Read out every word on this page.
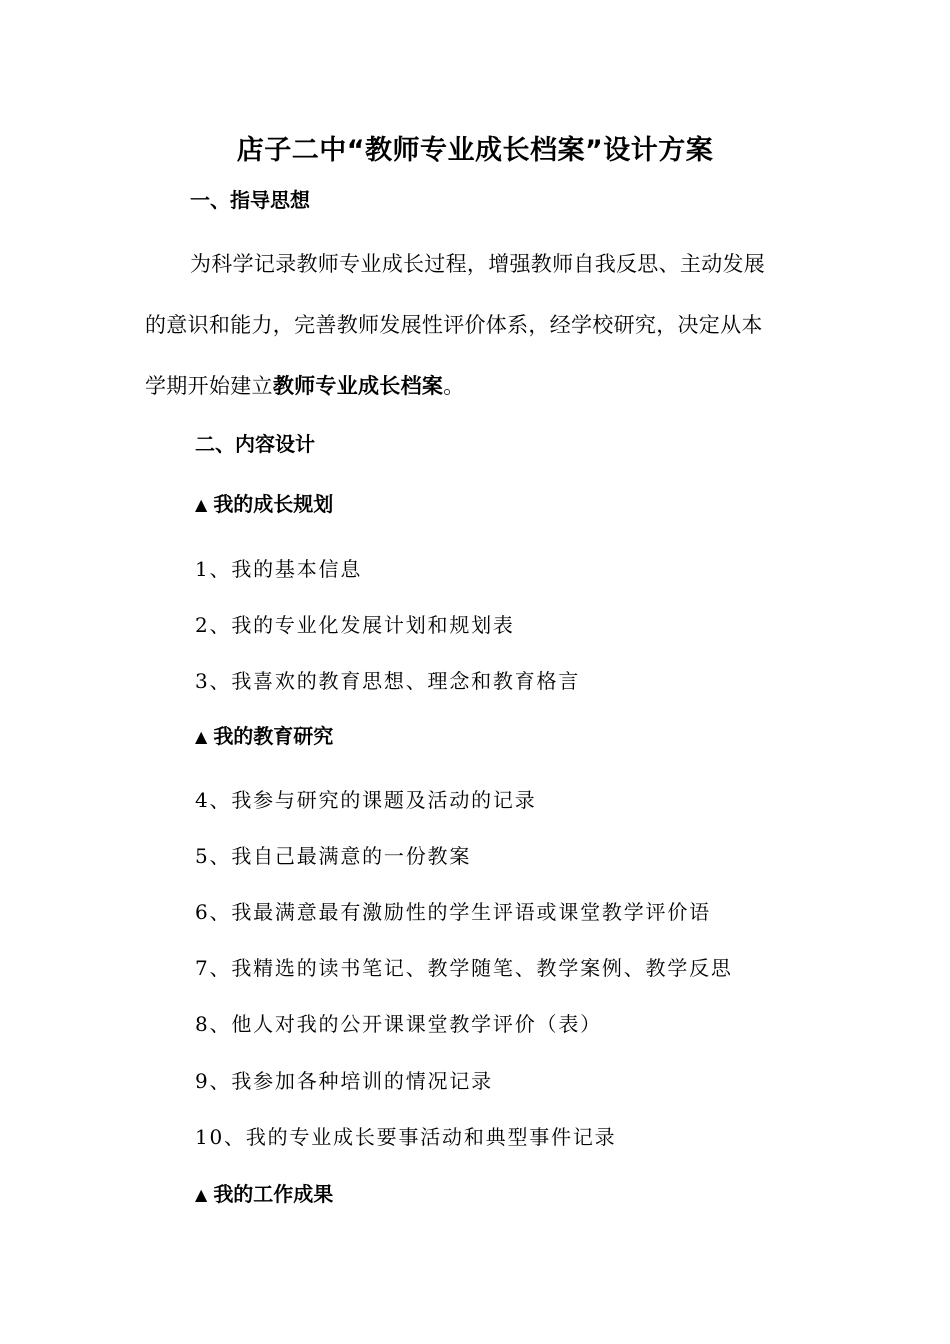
店子二中“教师专业成长档案”设计方案
一、指导思想
为科学记录教师专业成长过程，增强教师自我反思、主动发展
的意识和能力，完善教师发展性评价体系，经学校研究，决定从本
学期开始建立教师专业成长档案。
二、内容设计
▲ 我的成长规划
1、我的基本信息
2、我的专业化发展计划和规划表
3、我喜欢的教育思想、理念和教育格言
▲ 我的教育研究
4、我参与研究的课题及活动的记录
5、我自己最满意的一份教案
6、我最满意最有激励性的学生评语或课堂教学评价语
7、我精选的读书笔记、教学随笔、教学案例、教学反思
8、他人对我的公开课课堂教学评价（表）
9、我参加各种培训的情况记录
10、我的专业成长要事活动和典型事件记录
▲ 我的工作成果
